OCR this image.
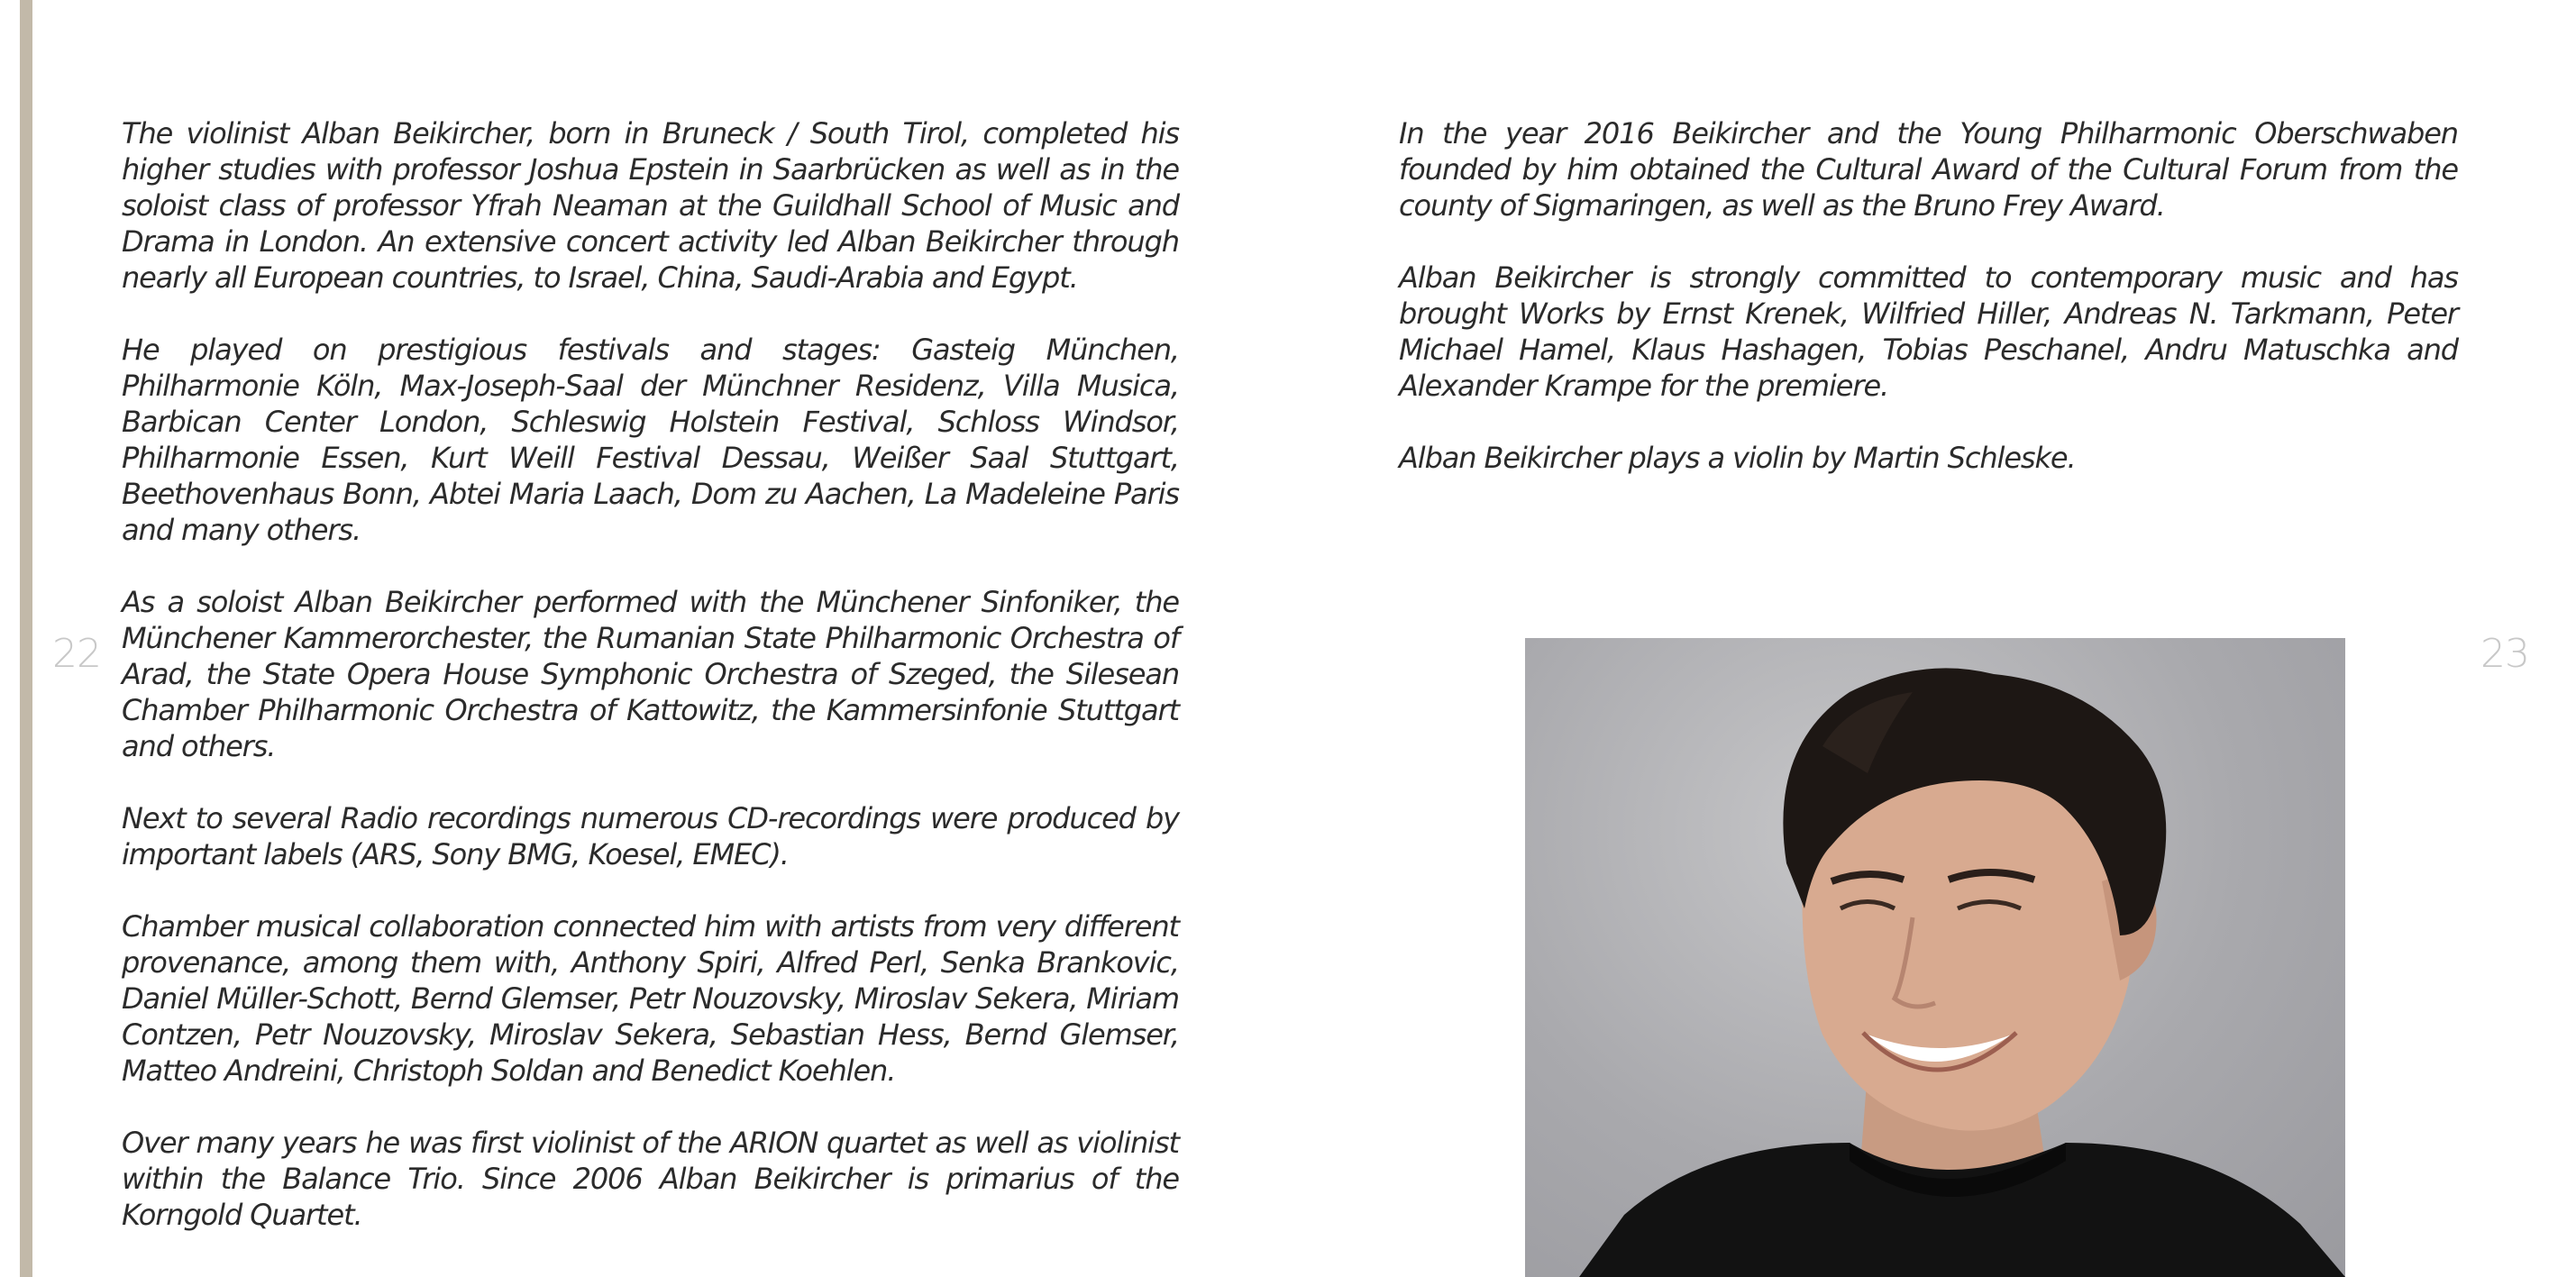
22	23

The violinist Alban Beikircher, born in Bruneck / South Tirol, completed his higher studies with professor Joshua Epstein in Saarbrücken as well as in the soloist class of professor Yfrah Neaman at the Guildhall School of Music and Drama in London. An extensive concert activity led Alban Beikircher through nearly all European countries, to Israel, China, Saudi-Arabia and Egypt.

He played on prestigious festivals and stages: Gasteig München, Philharmonie Köln, Max-Joseph-Saal der Münchner Residenz, Villa Musica, Barbican Center London, Schleswig Holstein Festival, Schloss Windsor, Philharmonie Essen, Kurt Weill Festival Dessau, Weißer Saal Stuttgart, Beethovenhaus Bonn, Abtei Maria Laach, Dom zu Aachen, La Madeleine Paris and many others.

As a soloist Alban Beikircher performed with the Münchener Sinfoniker, the Münchener Kammerorchester, the Rumanian State Philharmonic Orchestra of Arad, the State Opera House Symphonic Orchestra of Szeged, the Silesean Chamber Philharmonic Orchestra of Kattowitz, the Kammersinfonie Stuttgart and others.

Next to several Radio recordings numerous CD-recordings were produced by important labels (ARS, Sony BMG, Koesel, EMEC).

Chamber musical collaboration connected him with artists from very different provenance, among them with, Anthony Spiri, Alfred Perl, Senka Brankovic, Daniel Müller-Schott, Bernd Glemser, Petr Nouzovsky, Miroslav Sekera, Miriam Contzen, Petr Nouzovsky, Miroslav Sekera, Sebastian Hess, Bernd Glemser, Matteo Andreini, Christoph Soldan and Benedict Koehlen.

Over many years he was first violinist of the ARION quartet as well as violinist within the Balance Trio. Since 2006 Alban Beikircher is primarius of the Korngold Quartet.

In the year 2016 Beikircher and the Young Philharmonic Oberschwaben founded by him obtained the Cultural Award of the Cultural Forum from the county of Sigmaringen, as well as the Bruno Frey Award.

Alban Beikircher is strongly committed to contemporary music and has brought Works by Ernst Krenek, Wilfried Hiller, Andreas N. Tarkmann, Peter Michael Hamel, Klaus Hashagen, Tobias Peschanel, Andru Matuschka and Alexander Krampe for the premiere.

Alban Beikircher plays a violin by Martin Schleske.
